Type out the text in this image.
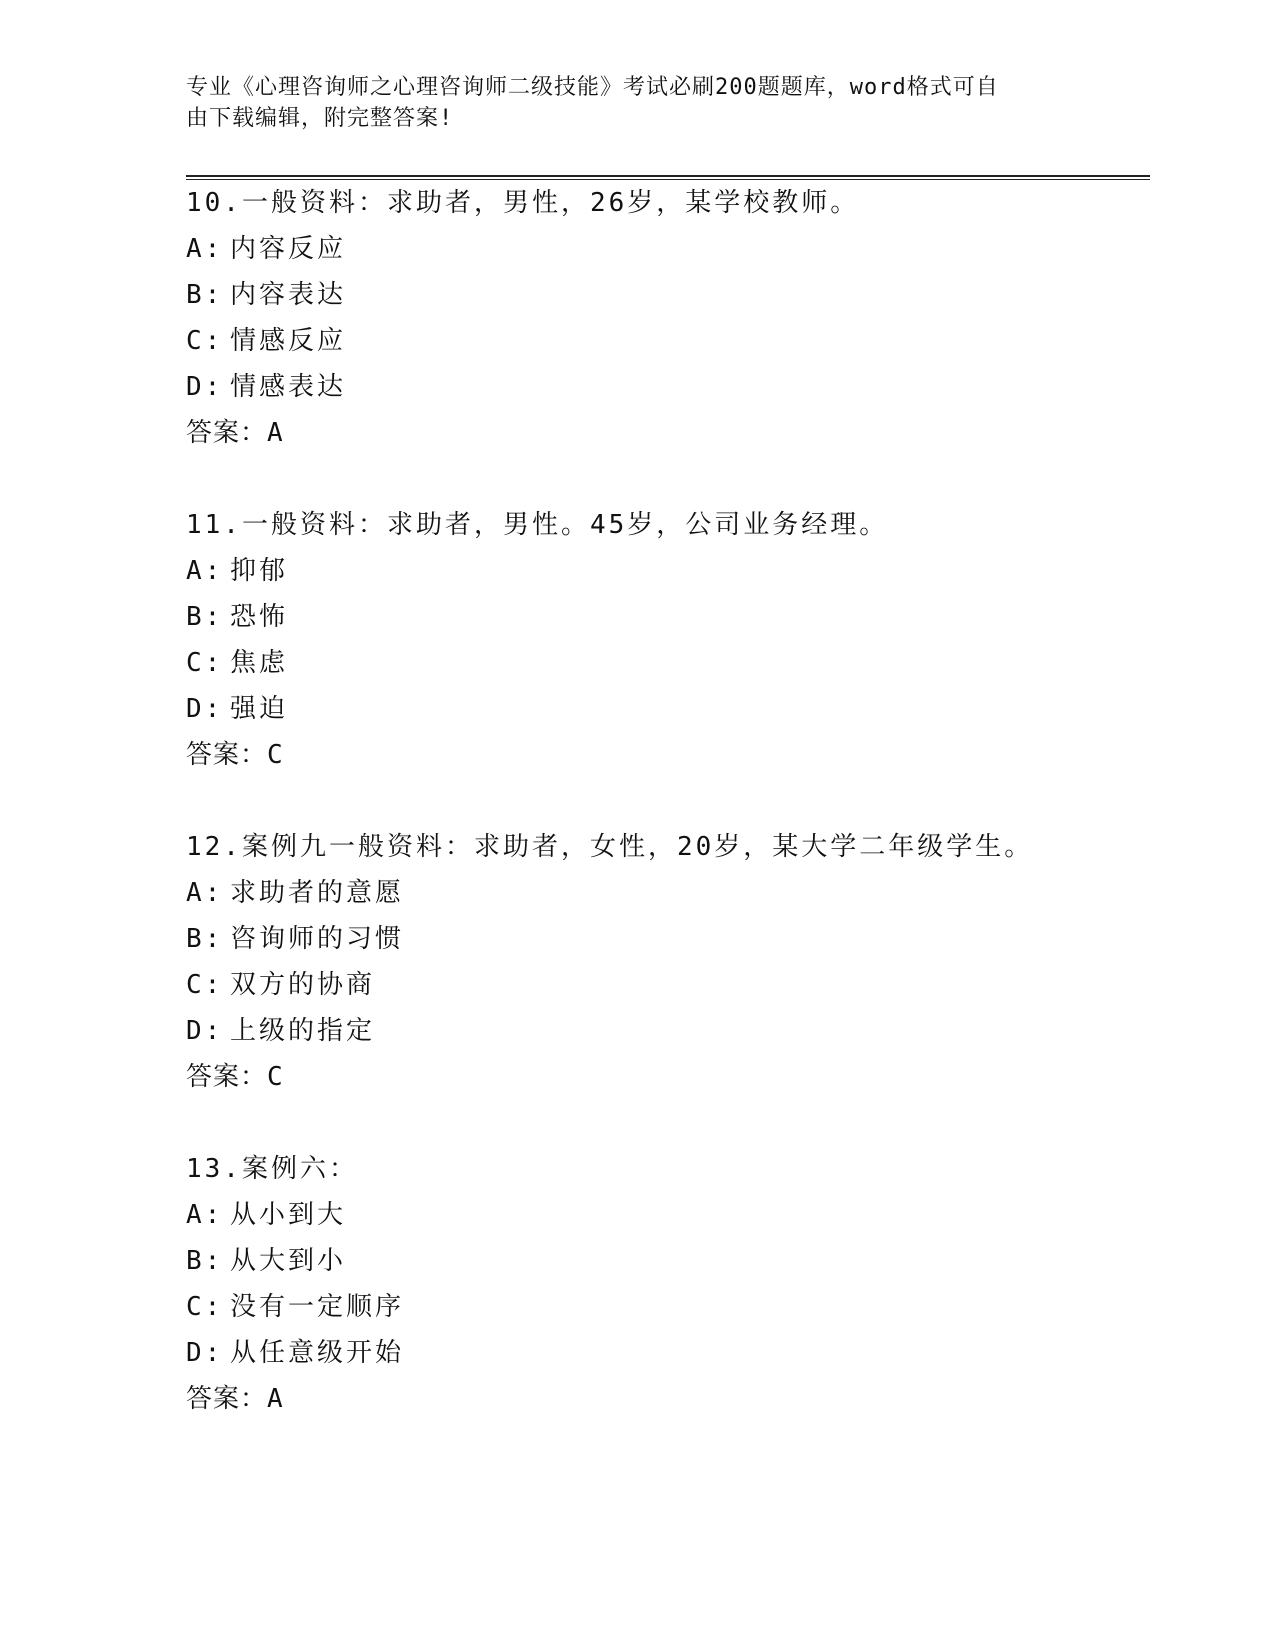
专业《心理咨询师之心理咨询师二级技能》考试必刷200题题库，word格式可自
由下载编辑，附完整答案!
10.一般资料：求助者，男性，26岁，某学校教师。
A: 内容反应
B: 内容表达
C: 情感反应
D: 情感表达
答案：A
11.一般资料：求助者，男性。45岁，公司业务经理。
A: 抑郁
B: 恐怖
C: 焦虑
D: 强迫
答案：C
12.案例九一般资料：求助者，女性，20岁，某大学二年级学生。
A: 求助者的意愿
B: 咨询师的习惯
C: 双方的协商
D: 上级的指定
答案：C
13.案例六：
A: 从小到大
B: 从大到小
C: 没有一定顺序
D: 从任意级开始
答案：A
